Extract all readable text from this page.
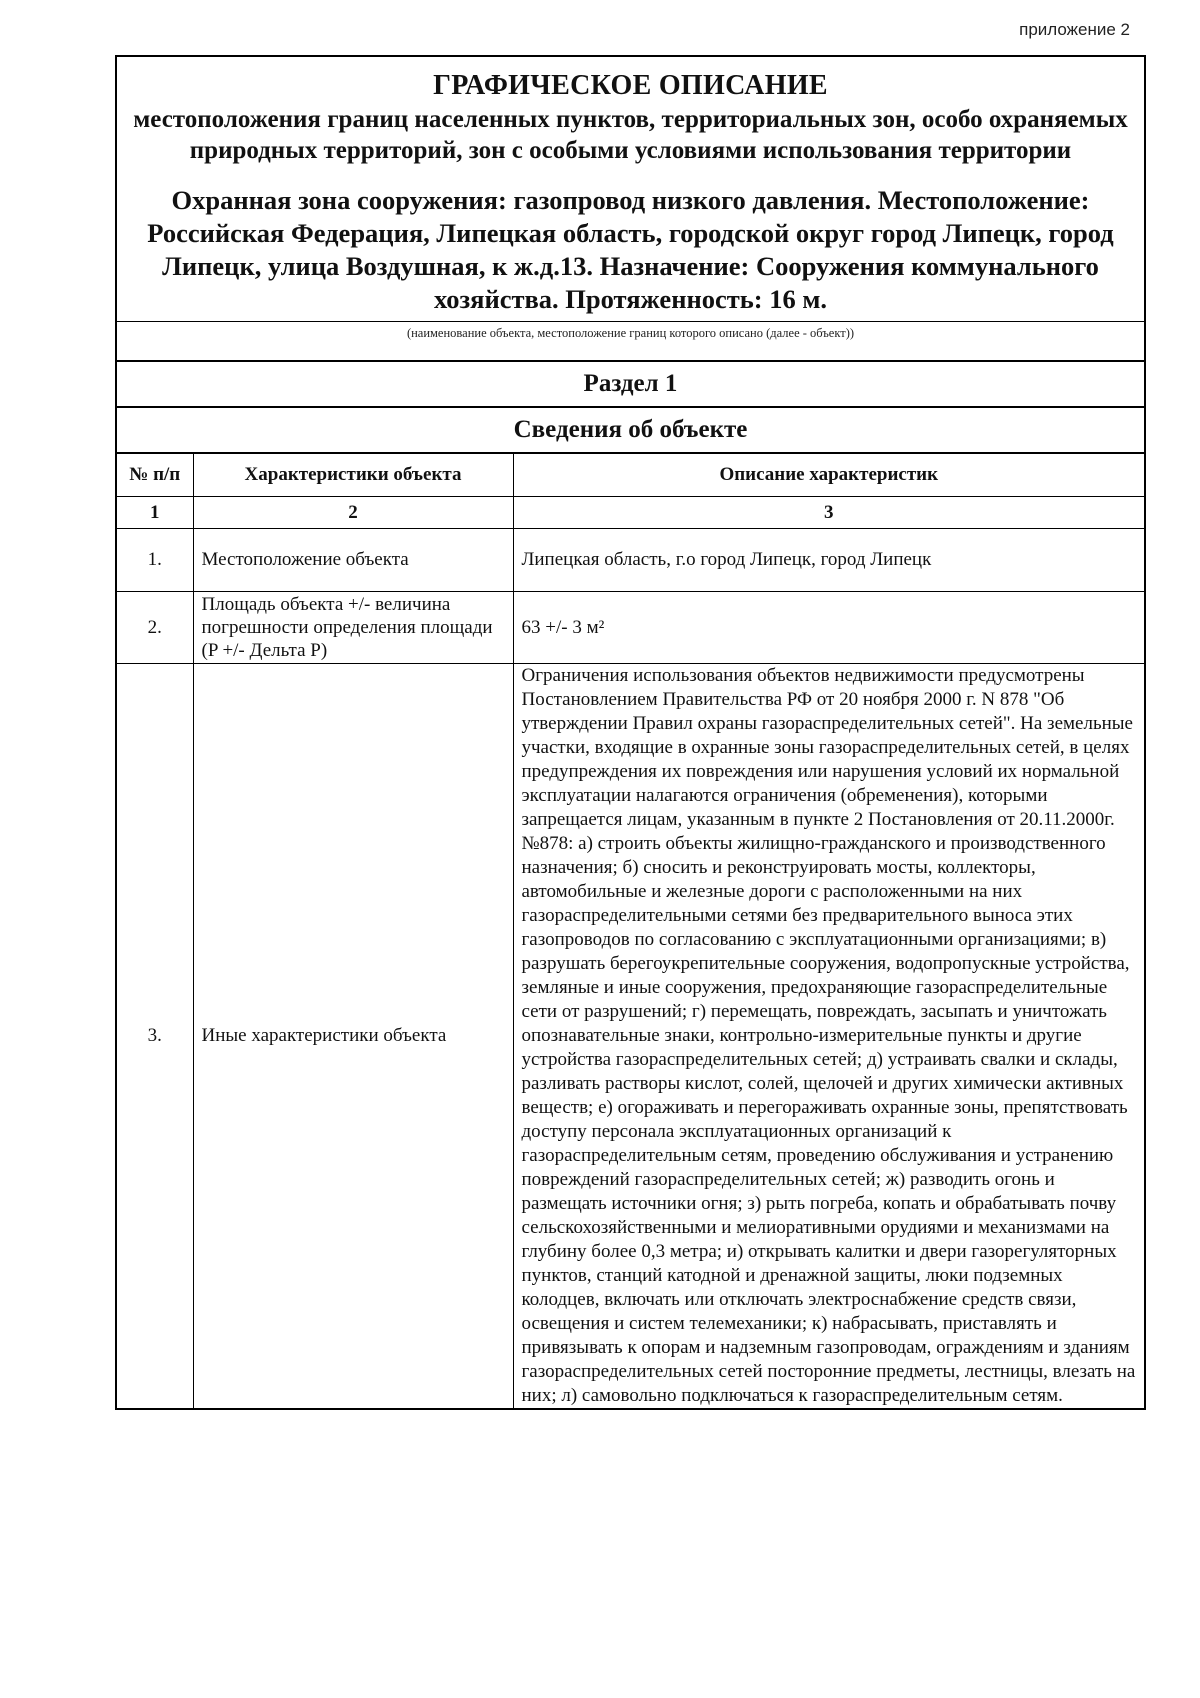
приложение 2
ГРАФИЧЕСКОЕ ОПИСАНИЕ
местоположения границ населенных пунктов, территориальных зон, особо охраняемых природных территорий, зон с особыми условиями использования территории
Охранная зона сооружения: газопровод низкого давления. Местоположение: Российская Федерация, Липецкая область, городской округ город Липецк, город Липецк, улица Воздушная, к ж.д.13. Назначение: Сооружения коммунального хозяйства. Протяженность: 16 м.
(наименование объекта, местоположение границ которого описано (далее - объект))
Раздел 1
Сведения об объекте
№ п/п	Характеристики объекта	Описание характеристик
1	2	3
1.	Местоположение объекта	Липецкая область, г.о город Липецк, город Липецк
2.	Площадь объекта +/- величина погрешности определения площади (P +/- Дельта P)	63 +/- 3 м²
3.	Иные характеристики объекта	Ограничения использования объектов недвижимости предусмотрены Постановлением Правительства РФ от 20 ноября 2000 г. N 878 "Об утверждении Правил охраны газораспределительных сетей". На земельные участки, входящие в охранные зоны газораспределительных сетей, в целях предупреждения их повреждения или нарушения условий их нормальной эксплуатации налагаются ограничения (обременения), которыми запрещается лицам, указанным в пункте 2 Постановления от 20.11.2000г. №878: а) строить объекты жилищно-гражданского и производственного назначения; б) сносить и реконструировать мосты, коллекторы, автомобильные и железные дороги с расположенными на них газораспределительными сетями без предварительного выноса этих газопроводов по согласованию с эксплуатационными организациями; в) разрушать берегоукрепительные сооружения, водопропускные устройства, земляные и иные сооружения, предохраняющие газораспределительные сети от разрушений; г) перемещать, повреждать, засыпать и уничтожать опознавательные знаки, контрольно-измерительные пункты и другие устройства газораспределительных сетей; д) устраивать свалки и склады, разливать растворы кислот, солей, щелочей и других химически активных веществ; е) огораживать и перегораживать охранные зоны, препятствовать доступу персонала эксплуатационных организаций к газораспределительным сетям, проведению обслуживания и устранению повреждений газораспределительных сетей; ж) разводить огонь и размещать источники огня; з) рыть погреба, копать и обрабатывать почву сельскохозяйственными и мелиоративными орудиями и механизмами на глубину более 0,3 метра; и) открывать калитки и двери газорегуляторных пунктов, станций катодной и дренажной защиты, люки подземных колодцев, включать или отключать электроснабжение средств связи, освещения и систем телемеханики; к) набрасывать, приставлять и привязывать к опорам и надземным газопроводам, ограждениям и зданиям газораспределительных сетей посторонние предметы, лестницы, влезать на них; л) самовольно подключаться к газораспределительным сетям.
